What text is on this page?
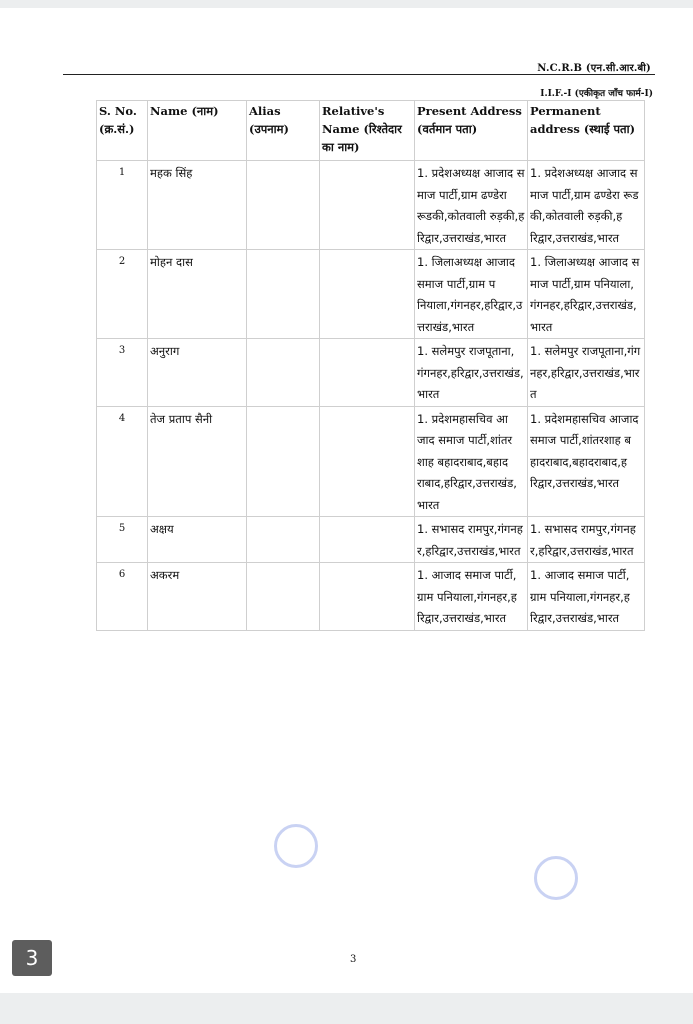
N.C.R.B (एन.सी.आर.बी)
I.I.F.-I (एकीकृत जाँच फार्म-I)
S. No. (क्र.सं.)	Name (नाम)	Alias (उपनाम)	Relative's Name (रिश्तेदार का नाम)	Present Address (वर्तमान पता)	Permanent address (स्थाई पता)
1	महक सिंह			1. प्रदेशअध्यक्ष आजाद समाज पार्टी,ग्राम ढण्डेरा रूडकी,कोतवाली रुड़की,हरिद्वार,उत्तराखंड,भारत	1. प्रदेशअध्यक्ष आजाद समाज पार्टी,ग्राम ढण्डेरा रूडकी,कोतवाली रुड़की,हरिद्वार,उत्तराखंड,भारत
2	मोहन दास			1. जिलाअध्यक्ष आजाद समाज पार्टी,ग्राम पनियाला,गंगनहर,हरिद्वार,उत्तराखंड,भारत	1. जिलाअध्यक्ष आजाद समाज पार्टी,ग्राम पनियाला,गंगनहर,हरिद्वार,उत्तराखंड,भारत
3	अनुराग			1. सलेमपुर राजपूताना,गंगनहर,हरिद्वार,उत्तराखंड,भारत	1. सलेमपुर राजपूताना,गंगनहर,हरिद्वार,उत्तराखंड,भारत
4	तेज प्रताप सैनी			1. प्रदेशमहासचिव आजाद समाज पार्टी,शांतरशाह बहादराबाद,बहादराबाद,हरिद्वार,उत्तराखंड,भारत	1. प्रदेशमहासचिव आजाद समाज पार्टी,शांतरशाह बहादराबाद,बहादराबाद,हरिद्वार,उत्तराखंड,भारत
5	अक्षय			1. सभासद रामपुर,गंगनहर,हरिद्वार,उत्तराखंड,भारत	1. सभासद रामपुर,गंगनहर,हरिद्वार,उत्तराखंड,भारत
6	अकरम			1. आजाद समाज पार्टी,ग्राम पनियाला,गंगनहर,हरिद्वार,उत्तराखंड,भारत	1. आजाद समाज पार्टी,ग्राम पनियाला,गंगनहर,हरिद्वार,उत्तराखंड,भारत
3
3
